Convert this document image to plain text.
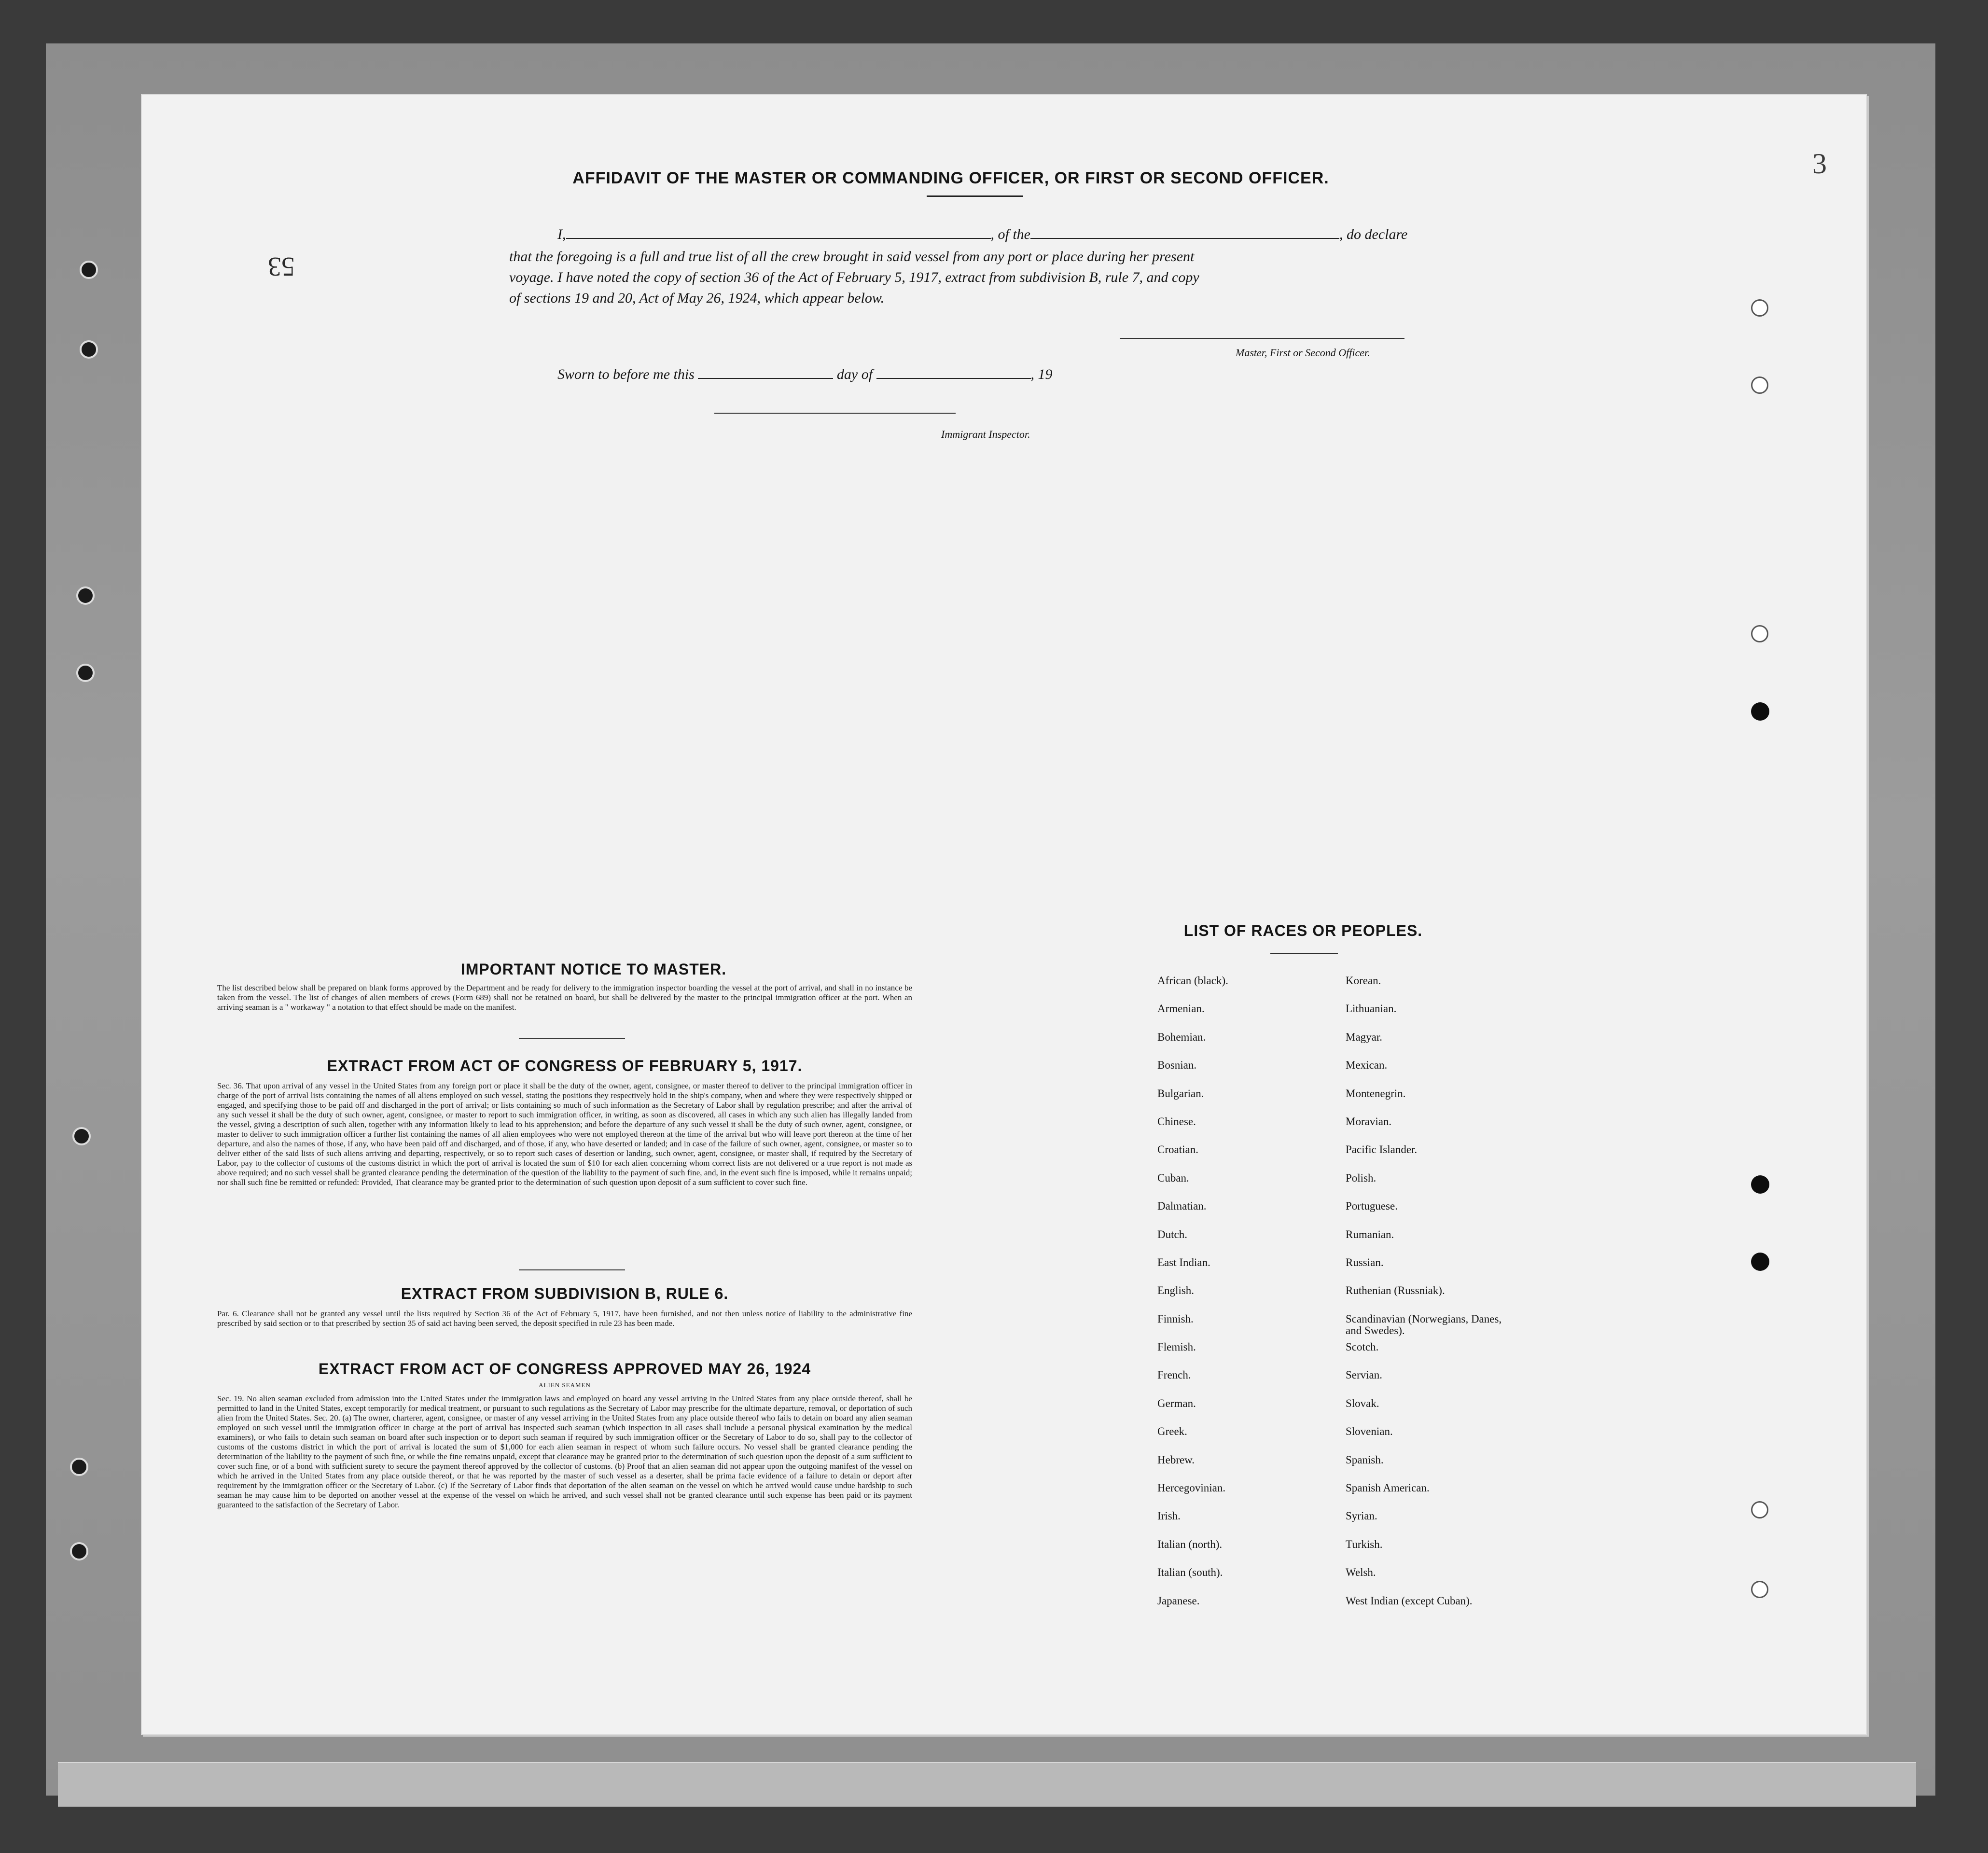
53
3
AFFIDAVIT OF THE MASTER OR COMMANDING OFFICER, OR FIRST OR SECOND OFFICER.
I,	, of the	, do declare
that the foregoing is a full and true list of all the crew brought in said vessel from any port or place during her present
voyage. I have noted the copy of section 36 of the Act of February 5, 1917, extract from subdivision B, rule 7, and copy
of sections 19 and 20, Act of May 26, 1924, which appear below.
Master, First or Second Officer.
Sworn to before me this	day of	, 19
Immigrant Inspector.
IMPORTANT NOTICE TO MASTER.
The list described below shall be prepared on blank forms approved by the Department and be ready for delivery to the immigration inspector boarding the vessel at the port of arrival, and shall in no instance be taken from the vessel. The list of changes of alien members of crews (Form 689) shall not be retained on board, but shall be delivered by the master to the principal immigration officer at the port. When an arriving seaman is a " workaway " a notation to that effect should be made on the manifest.
EXTRACT FROM ACT OF CONGRESS OF FEBRUARY 5, 1917.
Sec. 36. That upon arrival of any vessel in the United States from any foreign port or place it shall be the duty of the owner, agent, consignee, or master thereof to deliver to the principal immigration officer in charge of the port of arrival lists containing the names of all aliens employed on such vessel, stating the positions they respectively hold in the ship's company, when and where they were respectively shipped or engaged, and specifying those to be paid off and discharged in the port of arrival; or lists containing so much of such information as the Secretary of Labor shall by regulation prescribe; and after the arrival of any such vessel it shall be the duty of such owner, agent, consignee, or master to report to such immigration officer, in writing, as soon as discovered, all cases in which any such alien has illegally landed from the vessel, giving a description of such alien, together with any information likely to lead to his apprehension; and before the departure of any such vessel it shall be the duty of such owner, agent, consignee, or master to deliver to such immigration officer a further list containing the names of all alien employees who were not employed thereon at the time of the arrival but who will leave port thereon at the time of her departure, and also the names of those, if any, who have been paid off and discharged, and of those, if any, who have deserted or landed; and in case of the failure of such owner, agent, consignee, or master so to deliver either of the said lists of such aliens arriving and departing, respectively, or so to report such cases of desertion or landing, such owner, agent, consignee, or master shall, if required by the Secretary of Labor, pay to the collector of customs of the customs district in which the port of arrival is located the sum of $10 for each alien concerning whom correct lists are not delivered or a true report is not made as above required; and no such vessel shall be granted clearance pending the determination of the question of the liability to the payment of such fine, and, in the event such fine is imposed, while it remains unpaid; nor shall such fine be remitted or refunded: Provided, That clearance may be granted prior to the determination of such question upon deposit of a sum sufficient to cover such fine.
EXTRACT FROM SUBDIVISION B, RULE 6.
Par. 6. Clearance shall not be granted any vessel until the lists required by Section 36 of the Act of February 5, 1917, have been furnished, and not then unless notice of liability to the administrative fine prescribed by said section or to that prescribed by section 35 of said act having been served, the deposit specified in rule 23 has been made.
EXTRACT FROM ACT OF CONGRESS APPROVED MAY 26, 1924
ALIEN SEAMEN
Sec. 19. No alien seaman excluded from admission into the United States under the immigration laws and employed on board any vessel arriving in the United States from any place outside thereof, shall be permitted to land in the United States, except temporarily for medical treatment, or pursuant to such regulations as the Secretary of Labor may prescribe for the ultimate departure, removal, or deportation of such alien from the United States. Sec. 20. (a) The owner, charterer, agent, consignee, or master of any vessel arriving in the United States from any place outside thereof who fails to detain on board any alien seaman employed on such vessel until the immigration officer in charge at the port of arrival has inspected such seaman (which inspection in all cases shall include a personal physical examination by the medical examiners), or who fails to detain such seaman on board after such inspection or to deport such seaman if required by such immigration officer or the Secretary of Labor to do so, shall pay to the collector of customs of the customs district in which the port of arrival is located the sum of $1,000 for each alien seaman in respect of whom such failure occurs. No vessel shall be granted clearance pending the determination of the liability to the payment of such fine, or while the fine remains unpaid, except that clearance may be granted prior to the determination of such question upon the deposit of a sum sufficient to cover such fine, or of a bond with sufficient surety to secure the payment thereof approved by the collector of customs. (b) Proof that an alien seaman did not appear upon the outgoing manifest of the vessel on which he arrived in the United States from any place outside thereof, or that he was reported by the master of such vessel as a deserter, shall be prima facie evidence of a failure to detain or deport after requirement by the immigration officer or the Secretary of Labor. (c) If the Secretary of Labor finds that deportation of the alien seaman on the vessel on which he arrived would cause undue hardship to such seaman he may cause him to be deported on another vessel at the expense of the vessel on which he arrived, and such vessel shall not be granted clearance until such expense has been paid or its payment guaranteed to the satisfaction of the Secretary of Labor.
LIST OF RACES OR PEOPLES.
African (black).
Armenian.
Bohemian.
Bosnian.
Bulgarian.
Chinese.
Croatian.
Cuban.
Dalmatian.
Dutch.
East Indian.
English.
Finnish.
Flemish.
French.
German.
Greek.
Hebrew.
Hercegovinian.
Irish.
Italian (north).
Italian (south).
Japanese.
Korean.
Lithuanian.
Magyar.
Mexican.
Montenegrin.
Moravian.
Pacific Islander.
Polish.
Portuguese.
Rumanian.
Russian.
Ruthenian (Russniak).
Scandinavian (Norwegians, Danes, and Swedes).
Scotch.
Servian.
Slovak.
Slovenian.
Spanish.
Spanish American.
Syrian.
Turkish.
Welsh.
West Indian (except Cuban).
